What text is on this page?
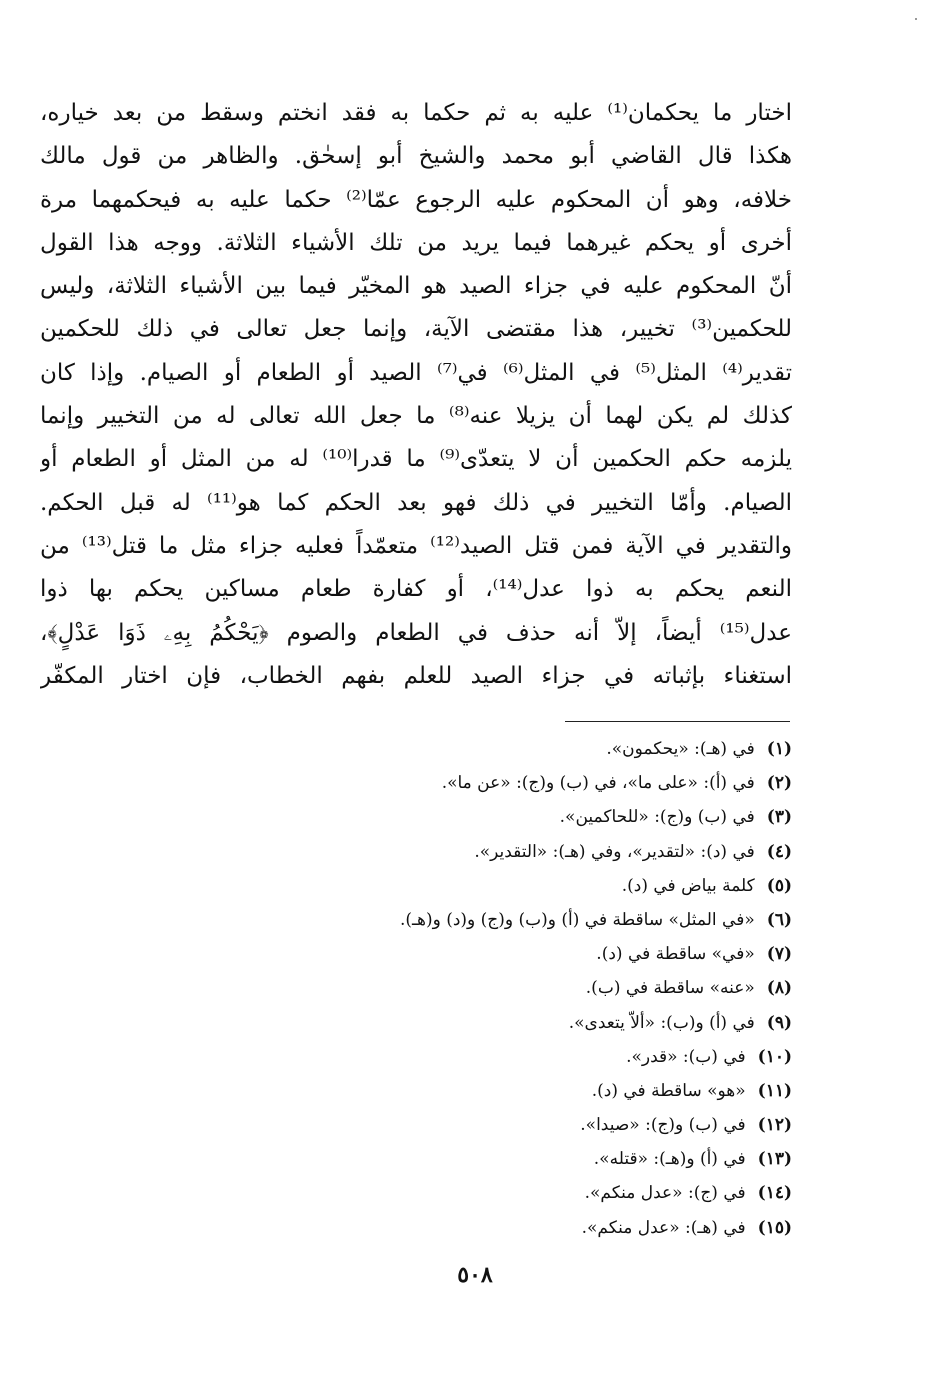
اختار ما يحكمان⁽¹⁾ عليه به ثم حكما به فقد انختم وسقط من بعد خياره،
هكذا قال القاضي أبو محمد والشيخ أبو إسحٰق. والظاهر من قول مالك
خلافه، وهو أن المحكوم عليه الرجوع عمّا⁽²⁾ حكما عليه به فيحكمهما مرة
أخرى أو يحكم غيرهما فيما يريد من تلك الأشياء الثلاثة. ووجه هذا القول
أنّ المحكوم عليه في جزاء الصيد هو المخيّر فيما بين الأشياء الثلاثة، وليس
للحكمين⁽³⁾ تخيير، هذا مقتضى الآية، وإنما جعل تعالى في ذلك للحكمين
تقدير⁽⁴⁾ المثل⁽⁵⁾ في المثل⁽⁶⁾ في⁽⁷⁾ الصيد أو الطعام أو الصيام. وإذا كان
كذلك لم يكن لهما أن يزيلا عنه⁽⁸⁾ ما جعل الله تعالى له من التخيير وإنما
يلزمه حكم الحكمين أن لا يتعدّى⁽⁹⁾ ما قدرا⁽¹⁰⁾ له من المثل أو الطعام أو
الصيام. وأمّا التخيير في ذلك فهو بعد الحكم كما هو⁽¹¹⁾ له قبل الحكم.
والتقدير في الآية فمن قتل الصيد⁽¹²⁾ متعمّداً فعليه جزاء مثل ما قتل⁽¹³⁾ من
النعم يحكم به ذوا عدل⁽¹⁴⁾، أو كفارة طعام مساكين يحكم بها ذوا
عدل⁽¹⁵⁾ أيضاً، إلاّ أنه حذف في الطعام والصوم ﴿يَحْكُمُ بِهِۦ ذَوَا عَدْلٍ﴾،
استغناء بإثباته في جزاء الصيد للعلم بفهم الخطاب، فإن اختار المكفّر
(١)في (هـ): «يحكمون».
(٢)في (أ): «على ما»، في (ب) و(ج): «عن ما».
(٣)في (ب) و(ج): «للحاكمين».
(٤)في (د): «لتقدير»، وفي (هـ): «التقدير».
(٥)كلمة بياض في (د).
(٦)«في المثل» ساقطة في (أ) و(ب) و(ج) و(د) و(هـ).
(٧)«في» ساقطة في (د).
(٨)«عنه» ساقطة في (ب).
(٩)في (أ) و(ب): «ألاّ يتعدى».
(١٠)في (ب): «قدر».
(١١)«هو» ساقطة في (د).
(١٢)في (ب) و(ج): «صيدا».
(١٣)في (أ) و(هـ): «قتله».
(١٤)في (ج): «عدل منكم».
(١٥)في (هـ): «عدل منكم».
٥٠٨
